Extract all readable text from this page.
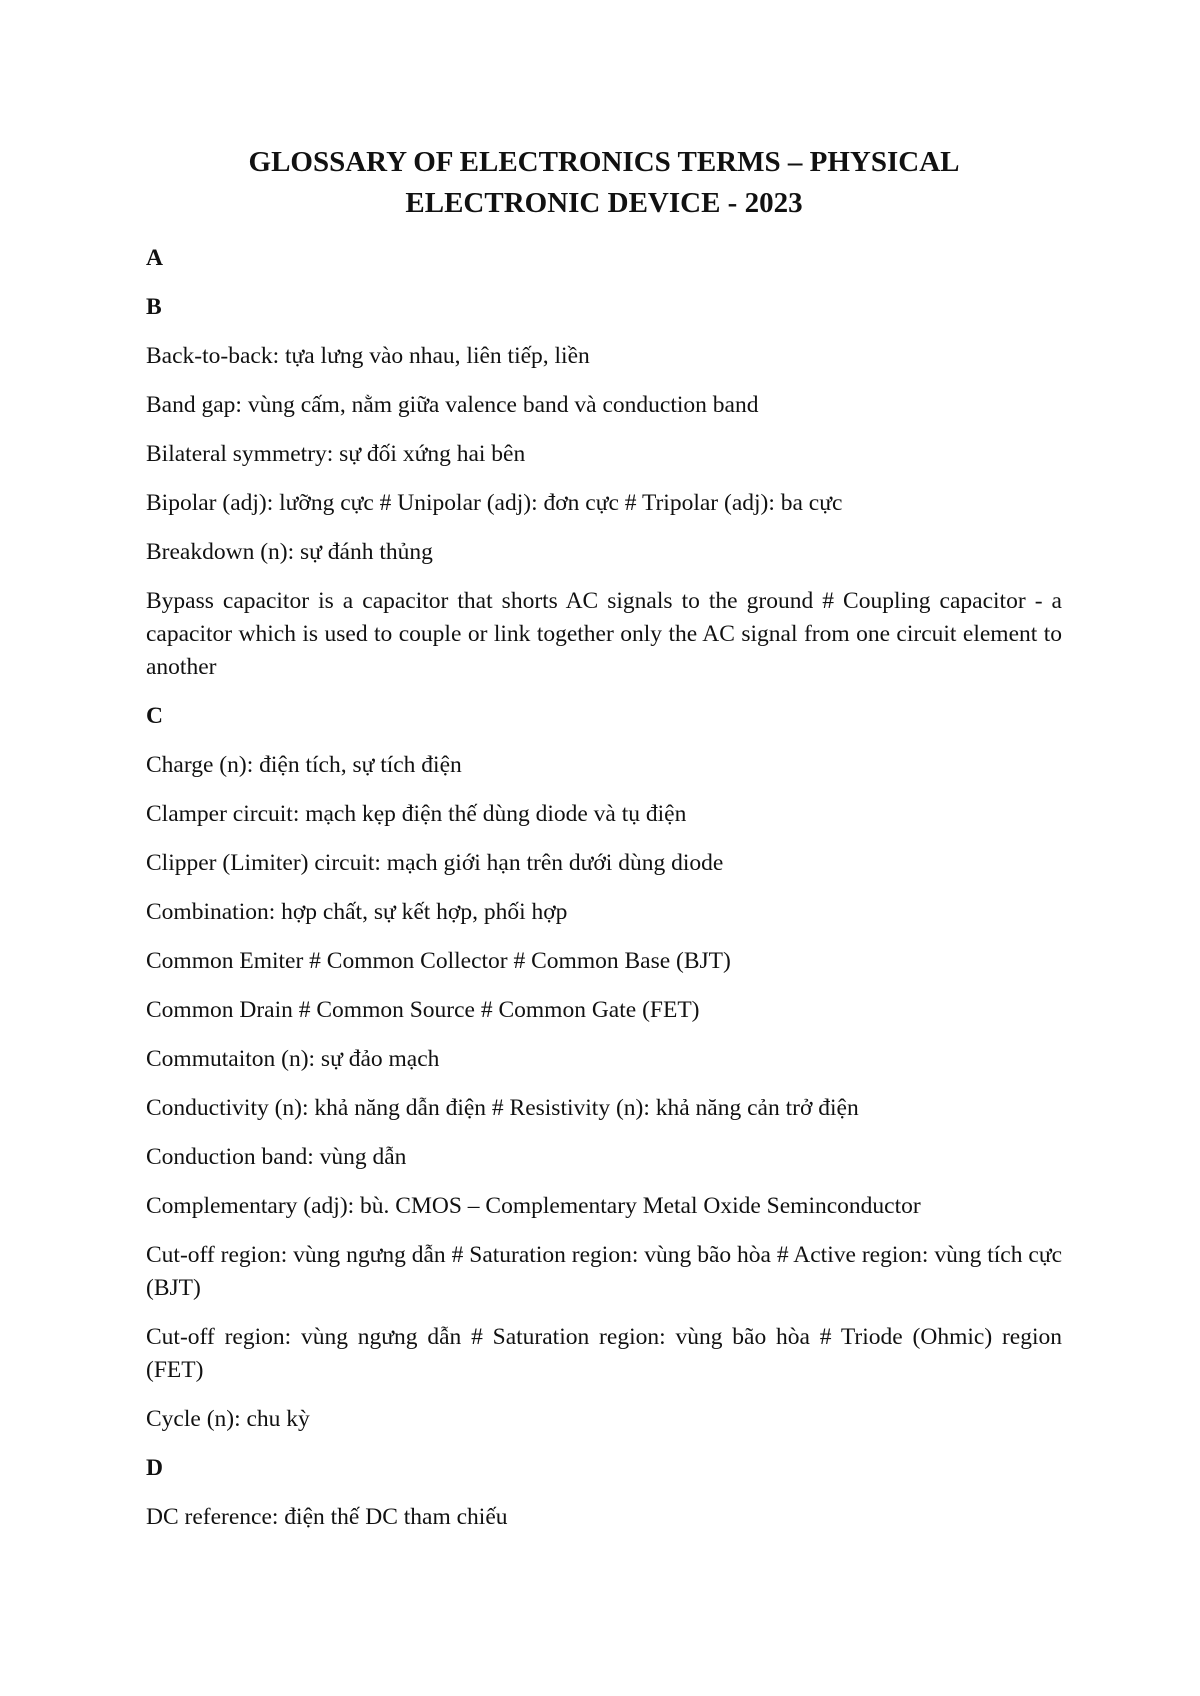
GLOSSARY OF ELECTRONICS TERMS – PHYSICAL
ELECTRONIC DEVICE - 2023

A

B

Back-to-back: tựa lưng vào nhau, liên tiếp, liền

Band gap: vùng cấm, nằm giữa valence band và conduction band

Bilateral symmetry: sự đối xứng hai bên

Bipolar (adj): lưỡng cực # Unipolar (adj): đơn cực # Tripolar (adj): ba cực

Breakdown (n): sự đánh thủng

Bypass capacitor is a capacitor that shorts AC signals to the ground # Coupling capacitor - a capacitor which is used to couple or link together only the AC signal from one circuit element to another

C

Charge (n): điện tích, sự tích điện

Clamper circuit: mạch kẹp điện thế dùng diode và tụ điện

Clipper (Limiter) circuit: mạch giới hạn trên dưới dùng diode

Combination: hợp chất, sự kết hợp, phối hợp

Common Emiter # Common Collector # Common Base (BJT)

Common Drain # Common Source # Common Gate (FET)

Commutaiton (n): sự đảo mạch

Conductivity (n): khả năng dẫn điện # Resistivity (n): khả năng cản trở điện

Conduction band: vùng dẫn

Complementary (adj): bù. CMOS – Complementary Metal Oxide Seminconductor

Cut-off region: vùng ngưng dẫn # Saturation region: vùng bão hòa # Active region: vùng tích cực (BJT)

Cut-off region: vùng ngưng dẫn # Saturation region: vùng bão hòa # Triode (Ohmic) region (FET)

Cycle (n): chu kỳ

D

DC reference: điện thế DC tham chiếu
